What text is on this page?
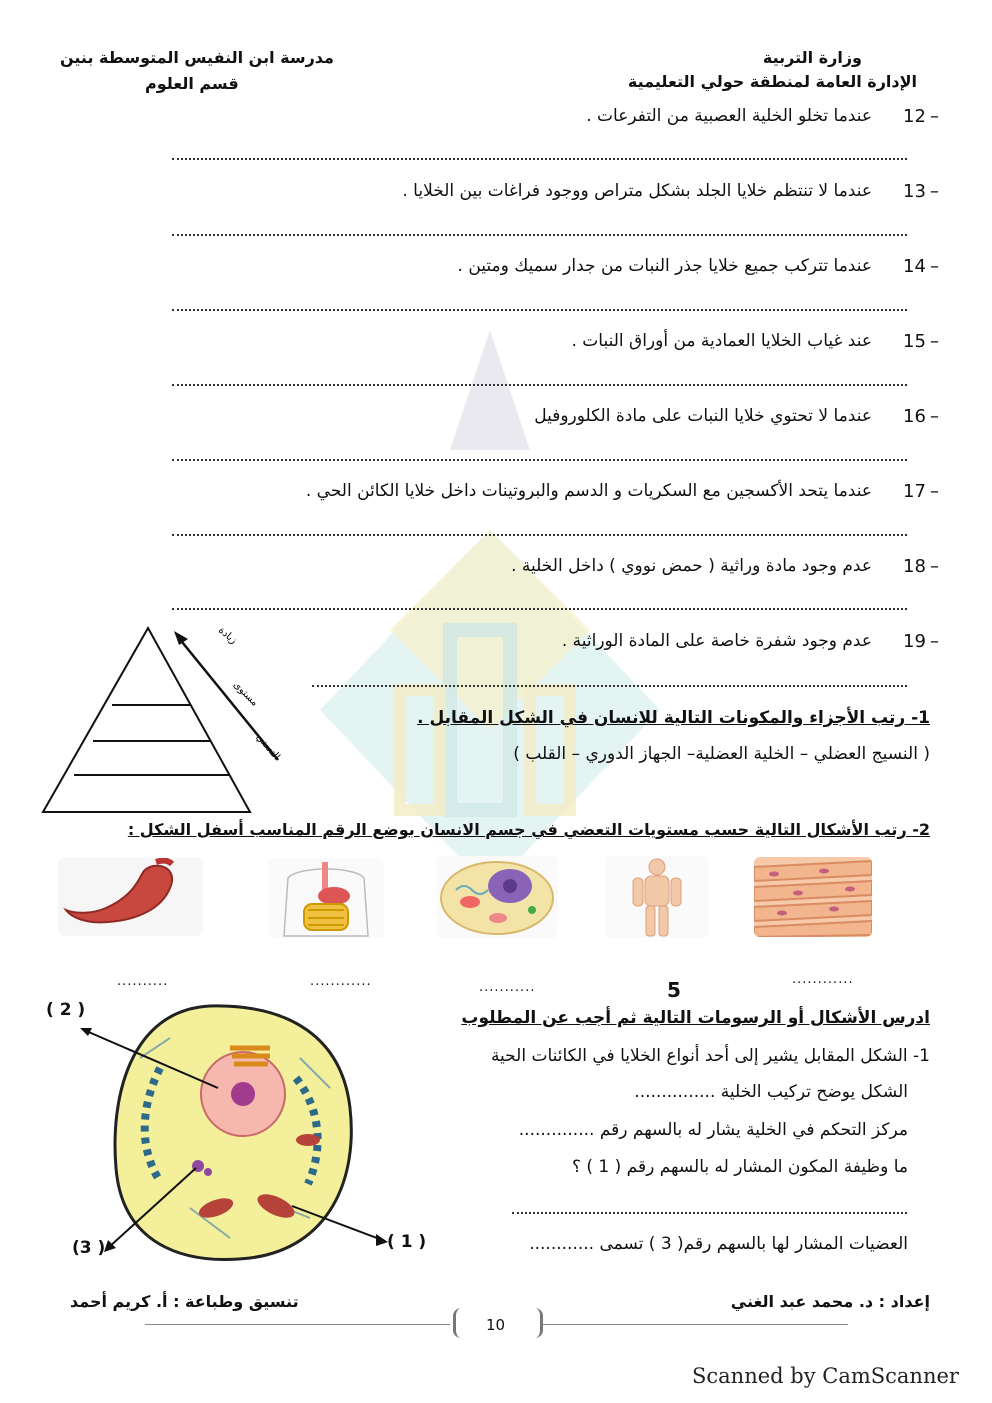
وزارة التربية
الإدارة العامة لمنطقة حولي التعليمية
مدرسة ابن النفيس المتوسطة بنين
قسم العلوم
12 –
عندما تخلو الخلية العصبية من التفرعات .
13 –
عندما لا تنتظم خلايا الجلد بشكل متراص ووجود فراغات بين الخلايا .
14 –
عندما تتركب جميع خلايا جذر النبات من جدار سميك ومتين .
15 –
عند غياب الخلايا العمادية من أوراق النبات .
16 –
عندما لا تحتوي خلايا النبات على مادة الكلوروفيل
17 –
عندما يتحد الأكسجين مع السكريات و الدسم والبروتينات داخل خلايا الكائن الحي .
18 –
عدم وجود مادة وراثية ( حمض نووي ) داخل الخلية .
19 –
عدم وجود شفرة خاصة على المادة الوراثية .
زيادة
مستوى
التعضي
1- رتب الأجزاء والمكونات التالية للانسان في الشكل المقابل .
( النسيج العضلي – الخلية العضلية– الجهاز الدوري – القلب )
2- رتب الأشكال التالية حسب مستويات التعضي في جسم الانسان بوضع الرقم المناسب أسفل الشكل :
..........	............	...........	5	............
ادرس الأشكال أو الرسومات التالية ثم أجب عن المطلوب
1- الشكل المقابل يشير إلى أحد أنواع الخلايا في الكائنات الحية
الشكل يوضح تركيب الخلية ...............
مركز التحكم في الخلية يشار له بالسهم رقم ..............
ما وظيفة المكون المشار له بالسهم رقم ( 1 ) ؟
العضيات المشار لها بالسهم رقم( 3 ) تسمى ............
( 2 )
( 1 )
(3 )
إعداد : د. محمد عبد الغني
تنسيق وطباعة : أ. كريم أحمد
10
Scanned by CamScanner
